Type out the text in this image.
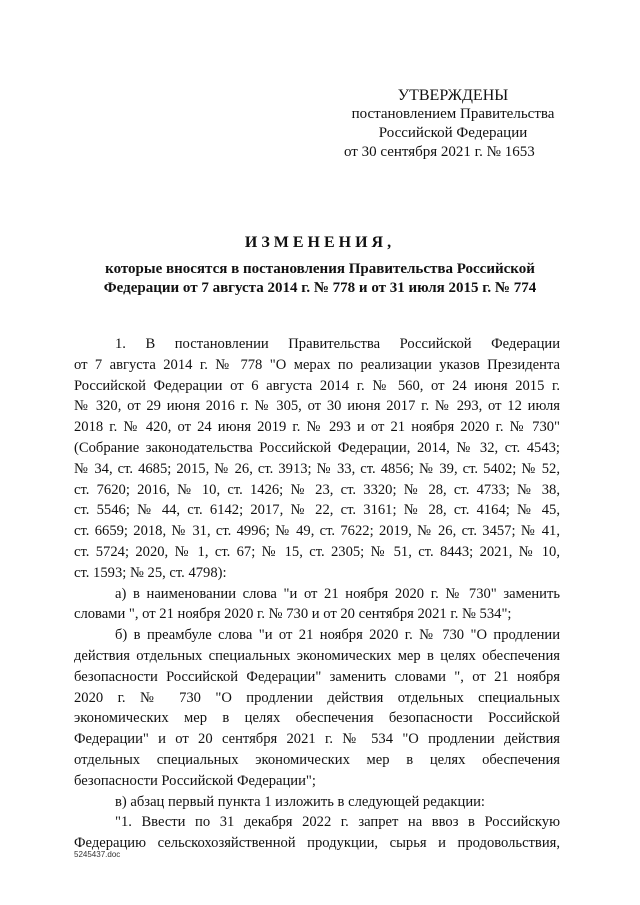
УТВЕРЖДЕНЫ
постановлением Правительства
Российской Федерации
от 30 сентября 2021 г. № 1653
ИЗМЕНЕНИЯ,
которые вносятся в постановления Правительства Российской
Федерации от 7 августа 2014 г. № 778 и от 31 июля 2015 г. № 774
1. В постановлении Правительства Российской Федерации
от 7 августа 2014 г. № 778 "О мерах по реализации указов Президента
Российской Федерации от 6 августа 2014 г. № 560, от 24 июня 2015 г.
№ 320, от 29 июня 2016 г. № 305, от 30 июня 2017 г. № 293, от 12 июля
2018 г. № 420, от 24 июня 2019 г. № 293 и от 21 ноября 2020 г. № 730"
(Собрание законодательства Российской Федерации, 2014, № 32, ст. 4543;
№ 34, ст. 4685; 2015, № 26, ст. 3913; № 33, ст. 4856; № 39, ст. 5402; № 52,
ст. 7620; 2016, № 10, ст. 1426; № 23, ст. 3320; № 28, ст. 4733; № 38,
ст. 5546; № 44, ст. 6142; 2017, № 22, ст. 3161; № 28, ст. 4164; № 45,
ст. 6659; 2018, № 31, ст. 4996; № 49, ст. 7622; 2019, № 26, ст. 3457; № 41,
ст. 5724; 2020, № 1, ст. 67; № 15, ст. 2305; № 51, ст. 8443; 2021, № 10,
ст. 1593; № 25, ст. 4798):
а) в наименовании слова "и от 21 ноября 2020 г. № 730" заменить
словами ", от 21 ноября 2020 г. № 730 и от 20 сентября 2021 г. № 534";
б) в преамбуле слова "и от 21 ноября 2020 г. № 730 "О продлении
действия отдельных специальных экономических мер в целях обеспечения
безопасности Российской Федерации" заменить словами ", от 21 ноября
2020 г. № 730 "О продлении действия отдельных специальных
экономических мер в целях обеспечения безопасности Российской
Федерации" и от 20 сентября 2021 г. № 534 "О продлении действия
отдельных специальных экономических мер в целях обеспечения
безопасности Российской Федерации";
в) абзац первый пункта 1 изложить в следующей редакции:
"1. Ввести по 31 декабря 2022 г. запрет на ввоз в Российскую
Федерацию сельскохозяйственной продукции, сырья и продовольствия,
5245437.doc
